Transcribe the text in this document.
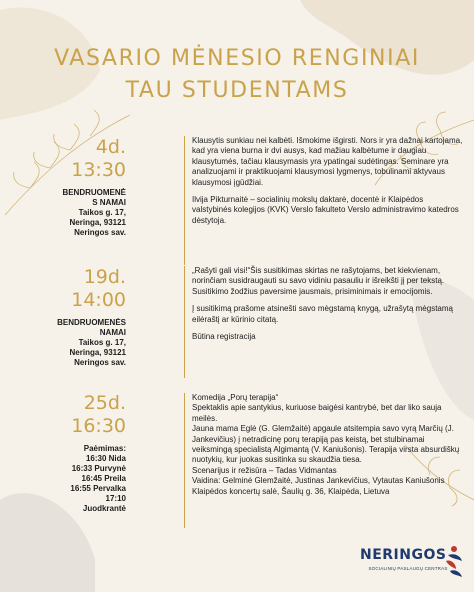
VASARIO MĖNESIO RENGINIAI
TAU STUDENTAMS
4d.
13:30
BENDRUOMENĖ
S NAMAI
Taikos g. 17,
Neringa, 93121
Neringos sav.

Klausytis sunkiau nei kalbėti. Išmokime išgirsti. Nors ir yra dažnai kartojama, kad yra viena burna ir dvi ausys, kad mažiau kalbėtume ir daugiau klausytumės, tačiau klausymasis yra ypatingai sudėtingas. Seminare yra analizuojami ir praktikuojami klausymosi lygmenys, tobulinami aktyvaus klausymosi įgūdžiai.

Ilvija Pikturnaitė – socialinių mokslų daktarė, docentė ir Klaipėdos valstybinės kolegijos (KVK) Verslo fakulteto Verslo administravimo katedros dėstytoja.

19d.
14:00
BENDRUOMENĖS
NAMAI
Taikos g. 17,
Neringa, 93121
Neringos sav.

„Rašyti gali visi!“Šis susitikimas skirtas ne rašytojams, bet kiekvienam, norinčiam susidraugauti su savo vidiniu pasauliu ir išreikšti jį per tekstą. Susitikimo žodžius paversime jausmais, prisiminimais ir emocijomis.

Į susitikimą prašome atsinešti savo mėgstamą knygą, užrašytą mėgstamą eilėraštį ar kūrinio citatą.

Būtina registracija

25d.
16:30
Paėmimas:
16:30 Nida
16:33 Purvynė
16:45 Preila
16:55 Pervalka
17:10
Juodkrantė
Komedija „Porų terapija“
Spektaklis apie santykius, kuriuose baigėsi kantrybė, bet dar liko sauja meilės.
Jauna mama Eglė (G. Glemžaitė) apgaule atsitempia savo vyrą Marčių (J. Jankevičius) į netradicinę porų terapiją pas keistą, bet stulbinamai veiksmingą specialistą Algimantą (V. Kaniušonis). Terapija virsta absurdiškų nuotykių, kur juokas susitinka su skaudžia tiesa.
Scenarijus ir režisūra – Tadas Vidmantas
Vaidina: Gelminė Glemžaitė, Justinas Jankevičius, Vytautas Kaniušonis
Klaipėdos koncertų salė, Šaulių g. 36, Klaipėda, Lietuva
NERINGOS
SOCIALINIŲ PASLAUGŲ CENTRAS
